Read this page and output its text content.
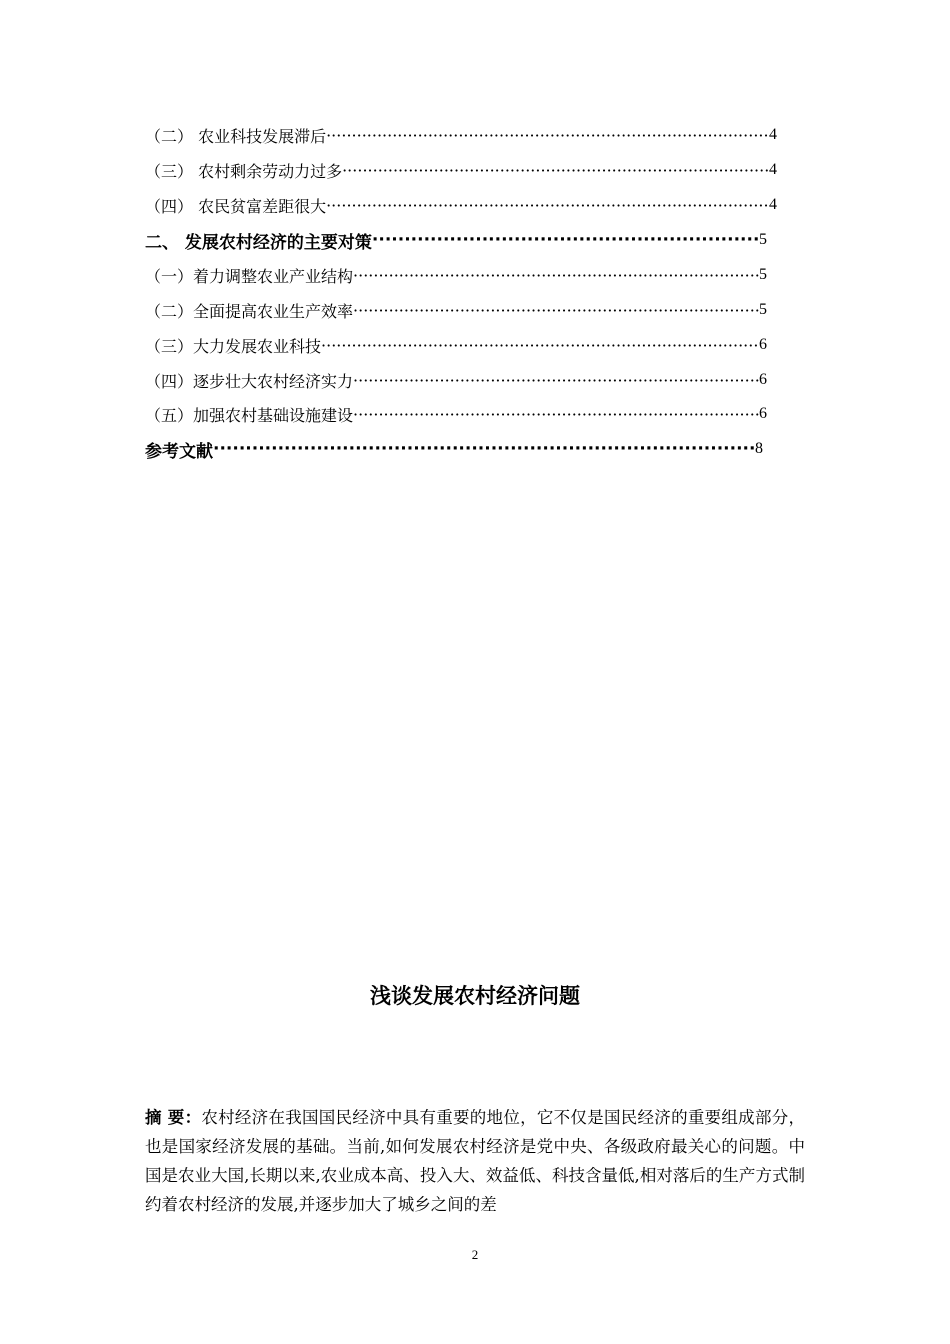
（二） 农业科技发展滞后 ·····	4
（三） 农村剩余劳动力过多 ·····	4
（四） 农民贫富差距很大 ·····	4
二、 发展农村经济的主要对策 ·····	5
（一）着力调整农业产业结构 ·····	5
（二）全面提高农业生产效率 ·····	5
（三）大力发展农业科技 ·····	6
（四）逐步壮大农村经济实力 ·····	6
（五）加强农村基础设施建设 ·····	6
参考文献 ·····	8
浅谈发展农村经济问题
摘 要：农村经济在我国国民经济中具有重要的地位，它不仅是国民经济的重要组成部分，也是国家经济发展的基础。当前,如何发展农村经济是党中央、各级政府最关心的问题。中国是农业大国,长期以来,农业成本高、投入大、效益低、科技含量低,相对落后的生产方式制约着农村经济的发展,并逐步加大了城乡之间的差
2
